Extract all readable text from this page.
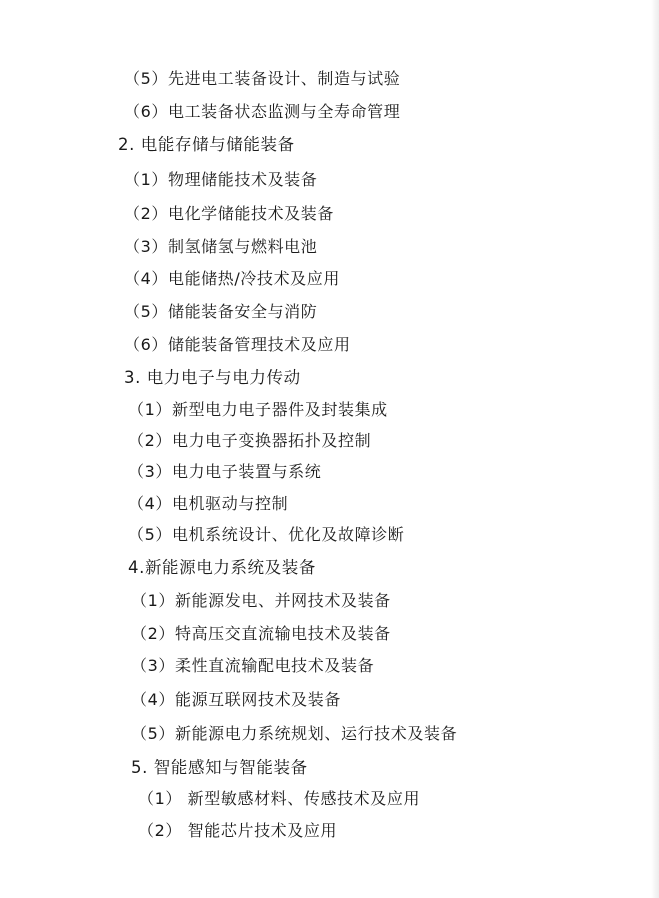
（5）先进电工装备设计、制造与试验
（6）电工装备状态监测与全寿命管理
2. 电能存储与储能装备
（1）物理储能技术及装备
（2）电化学储能技术及装备
（3）制氢储氢与燃料电池
（4）电能储热/冷技术及应用
（5）储能装备安全与消防
（6）储能装备管理技术及应用
3. 电力电子与电力传动
（1）新型电力电子器件及封装集成
（2）电力电子变换器拓扑及控制
（3）电力电子装置与系统
（4）电机驱动与控制
（5）电机系统设计、优化及故障诊断
4.新能源电力系统及装备
（1）新能源发电、并网技术及装备
（2）特高压交直流输电技术及装备
（3）柔性直流输配电技术及装备
（4）能源互联网技术及装备
（5）新能源电力系统规划、运行技术及装备
5. 智能感知与智能装备
（1） 新型敏感材料、传感技术及应用
（2） 智能芯片技术及应用
